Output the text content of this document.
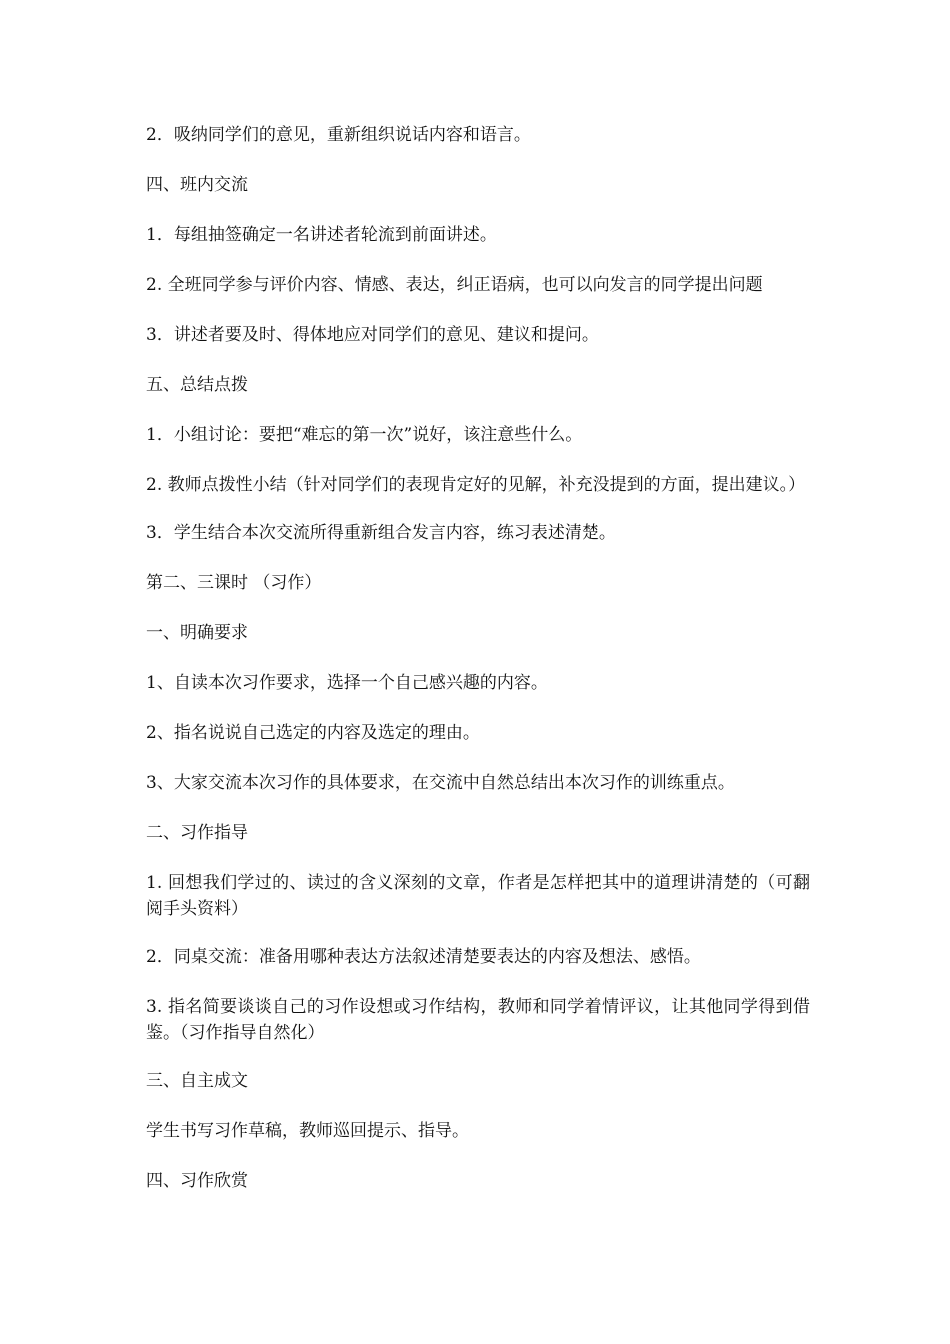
2．吸纳同学们的意见，重新组织说话内容和语言。

四、班内交流

1．每组抽签确定一名讲述者轮流到前面讲述。

2. 全班同学参与评价内容、情感、表达，纠正语病，也可以向发言的同学提出问题

3．讲述者要及时、得体地应对同学们的意见、建议和提问。

五、总结点拨

1．小组讨论：要把“难忘的第一次”说好，该注意些什么。

2. 教师点拨性小结（针对同学们的表现肯定好的见解，补充没提到的方面，提出建议。）

3．学生结合本次交流所得重新组合发言内容，练习表述清楚。

第二、三课时 （习作）

一、明确要求

1、自读本次习作要求，选择一个自己感兴趣的内容。

2、指名说说自己选定的内容及选定的理由。

3、大家交流本次习作的具体要求，在交流中自然总结出本次习作的训练重点。

二、习作指导

1. 回想我们学过的、读过的含义深刻的文章，作者是怎样把其中的道理讲清楚的（可翻阅手头资料）

2．同桌交流：准备用哪种表达方法叙述清楚要表达的内容及想法、感悟。

3. 指名简要谈谈自己的习作设想或习作结构，教师和同学着情评议，让其他同学得到借鉴。（习作指导自然化）

三、自主成文

学生书写习作草稿，教师巡回提示、指导。

四、习作欣赏
